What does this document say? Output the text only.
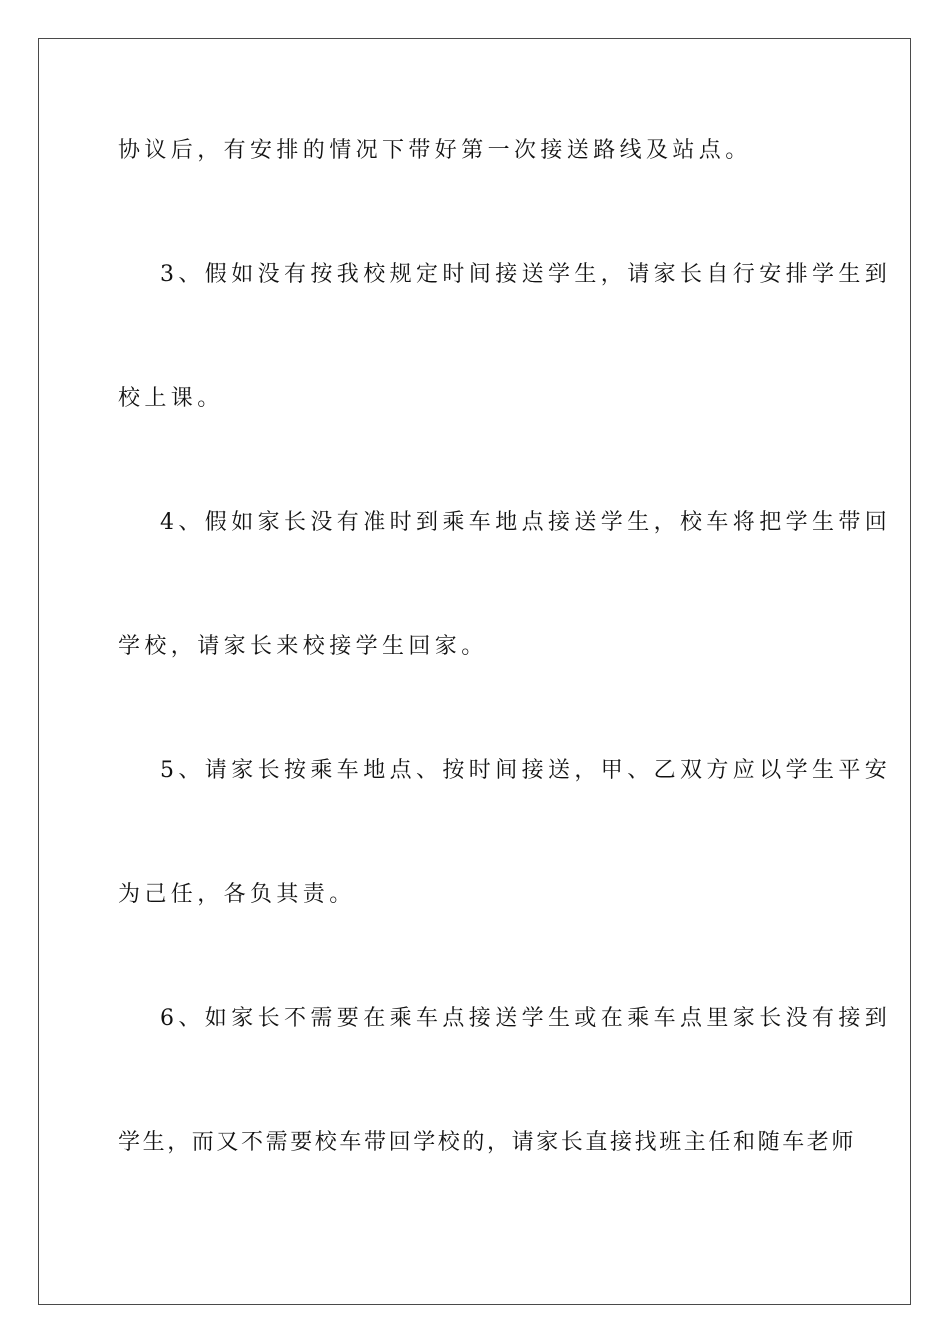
协议后，有安排的情况下带好第一次接送路线及站点。
3、假如没有按我校规定时间接送学生，请家长自行安排学生到
校上课。
4、假如家长没有准时到乘车地点接送学生，校车将把学生带回
学校，请家长来校接学生回家。
5、请家长按乘车地点、按时间接送，甲、乙双方应以学生平安
为己任，各负其责。
6、如家长不需要在乘车点接送学生或在乘车点里家长没有接到
学生，而又不需要校车带回学校的，请家长直接找班主任和随车老师
